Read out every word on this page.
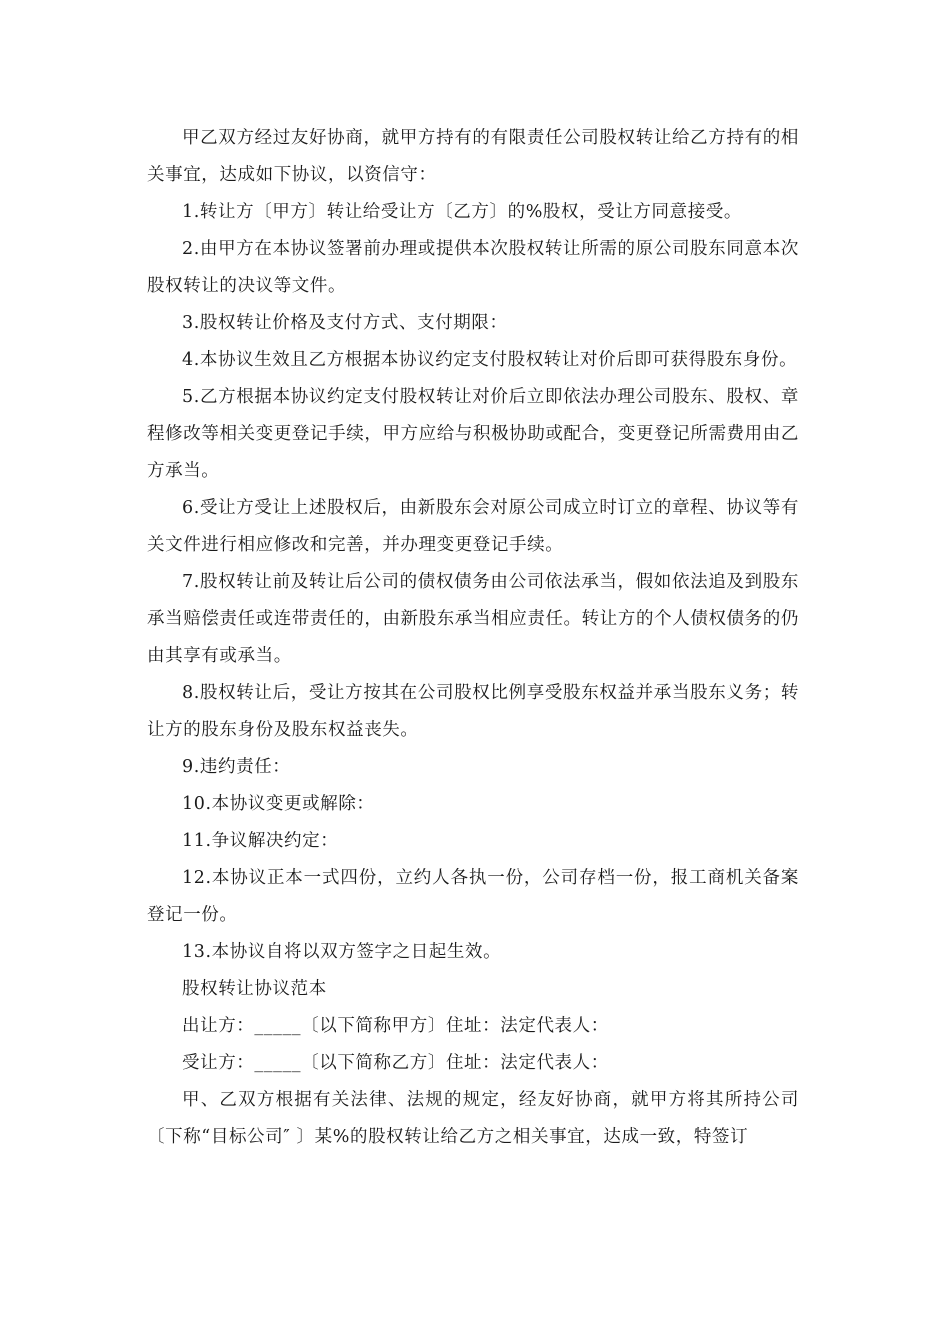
甲乙双方经过友好协商，就甲方持有的有限责任公司股权转让给乙方持有的相关事宜，达成如下协议，以资信守：

1.转让方〔甲方〕转让给受让方〔乙方〕的%股权，受让方同意接受。

2.由甲方在本协议签署前办理或提供本次股权转让所需的原公司股东同意本次股权转让的决议等文件。

3.股权转让价格及支付方式、支付期限：

4.本协议生效且乙方根据本协议约定支付股权转让对价后即可获得股东身份。

5.乙方根据本协议约定支付股权转让对价后立即依法办理公司股东、股权、章程修改等相关变更登记手续，甲方应给与积极协助或配合，变更登记所需费用由乙方承当。

6.受让方受让上述股权后，由新股东会对原公司成立时订立的章程、协议等有关文件进行相应修改和完善，并办理变更登记手续。

7.股权转让前及转让后公司的债权债务由公司依法承当，假如依法追及到股东承当赔偿责任或连带责任的，由新股东承当相应责任。转让方的个人债权债务的仍由其享有或承当。

8.股权转让后，受让方按其在公司股权比例享受股东权益并承当股东义务；转让方的股东身份及股东权益丧失。

9.违约责任：

10.本协议变更或解除：

11.争议解决约定：

12.本协议正本一式四份，立约人各执一份，公司存档一份，报工商机关备案登记一份。

13.本协议自将以双方签字之日起生效。

股权转让协议范本

出让方：_____〔以下简称甲方〕住址：法定代表人：

受让方：_____〔以下简称乙方〕住址：法定代表人：

甲、乙双方根据有关法律、法规的规定，经友好协商，就甲方将其所持公司〔下称“目标公司″ 〕某%的股权转让给乙方之相关事宜，达成一致，特签订
